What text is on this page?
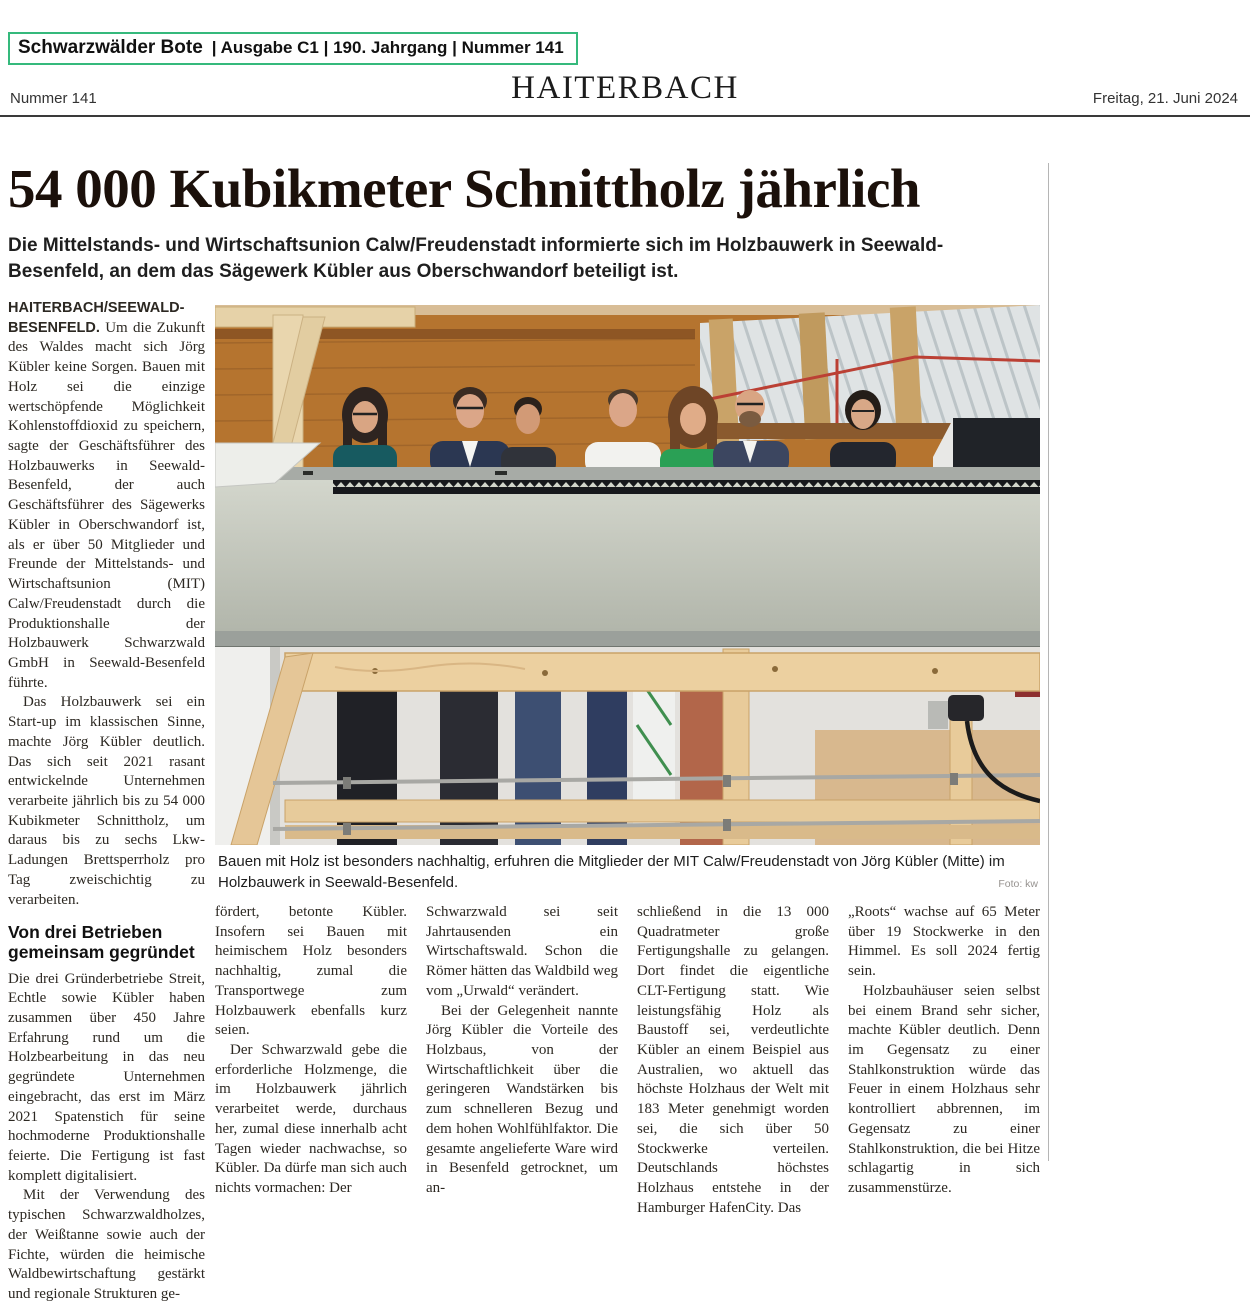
Schwarzwälder Bote | Ausgabe C1 | 190. Jahrgang | Nummer 141
Nummer 141	HAITERBACH	Freitag, 21. Juni 2024
54 000 Kubikmeter Schnittholz jährlich
Die Mittelstands- und Wirtschaftsunion Calw/Freudenstadt informierte sich im Holzbauwerk in Seewald-Besenfeld, an dem das Sägewerk Kübler aus Oberschwandorf beteiligt ist.

HAITERBACH/SEEWALD-BESENFELD. Um die Zukunft des Waldes macht sich Jörg Kübler keine Sorgen. Bauen mit Holz sei die einzige wertschöpfende Möglichkeit Kohlenstoffdioxid zu speichern, sagte der Geschäftsführer des Holzbauwerks in Seewald-Besenfeld, der auch Geschäftsführer des Sägewerks Kübler in Oberschwandorf ist, als er über 50 Mitglieder und Freunde der Mittelstands- und Wirtschaftsunion (MIT) Calw/Freudenstadt durch die Produktionshalle der Holzbauwerk Schwarzwald GmbH in Seewald-Besenfeld führte.

Das Holzbauwerk sei ein Start-up im klassischen Sinne, machte Jörg Kübler deutlich. Das sich seit 2021 rasant entwickelnde Unternehmen verarbeite jährlich bis zu 54 000 Kubikmeter Schnittholz, um daraus bis zu sechs Lkw-Ladungen Brettsperrholz pro Tag zweischichtig zu verarbeiten.

Von drei Betrieben gemeinsam gegründet

Die drei Gründerbetriebe Streit, Echtle sowie Kübler haben zusammen über 450 Jahre Erfahrung rund um die Holzbearbeitung in das neu gegründete Unternehmen eingebracht, das erst im März 2021 Spatenstich für seine hochmoderne Produktionshalle feierte. Die Fertigung ist fast komplett digitalisiert.

Mit der Verwendung des typischen Schwarzwaldholzes, der Weißtanne sowie auch der Fichte, würden die heimische Waldbewirtschaftung gestärkt und regionale Strukturen ge-

Bauen mit Holz ist besonders nachhaltig, erfuhren die Mitglieder der MIT Calw/Freudenstadt von Jörg Kübler (Mitte) im Holzbauwerk in Seewald-Besenfeld.	Foto: kw

fördert, betonte Kübler. Insofern sei Bauen mit heimischem Holz besonders nachhaltig, zumal die Transportwege zum Holzbauwerk ebenfalls kurz seien.

Der Schwarzwald gebe die erforderliche Holzmenge, die im Holzbauwerk jährlich verarbeitet werde, durchaus her, zumal diese innerhalb acht Tagen wieder nachwachse, so Kübler. Da dürfe man sich auch nichts vormachen: Der

Schwarzwald sei seit Jahrtausenden ein Wirtschaftswald. Schon die Römer hätten das Waldbild weg vom „Urwald“ verändert.

Bei der Gelegenheit nannte Jörg Kübler die Vorteile des Holzbaus, von der Wirtschaftlichkeit über die geringeren Wandstärken bis zum schnelleren Bezug und dem hohen Wohlfühlfaktor. Die gesamte angelieferte Ware wird in Besenfeld getrocknet, um an-

schließend in die 13 000 Quadratmeter große Fertigungshalle zu gelangen. Dort findet die eigentliche CLT-Fertigung statt. Wie leistungsfähig Holz als Baustoff sei, verdeutlichte Kübler an einem Beispiel aus Australien, wo aktuell das höchste Holzhaus der Welt mit 183 Meter genehmigt worden sei, die sich über 50 Stockwerke verteilen. Deutschlands höchstes Holzhaus entstehe in der Hamburger HafenCity. Das

„Roots“ wachse auf 65 Meter über 19 Stockwerke in den Himmel. Es soll 2024 fertig sein.

Holzbauhäuser seien selbst bei einem Brand sehr sicher, machte Kübler deutlich. Denn im Gegensatz zu einer Stahlkonstruktion würde das Feuer in einem Holzhaus sehr kontrolliert abbrennen, im Gegensatz zu einer Stahlkonstruktion, die bei Hitze schlagartig in sich zusammenstürze.
